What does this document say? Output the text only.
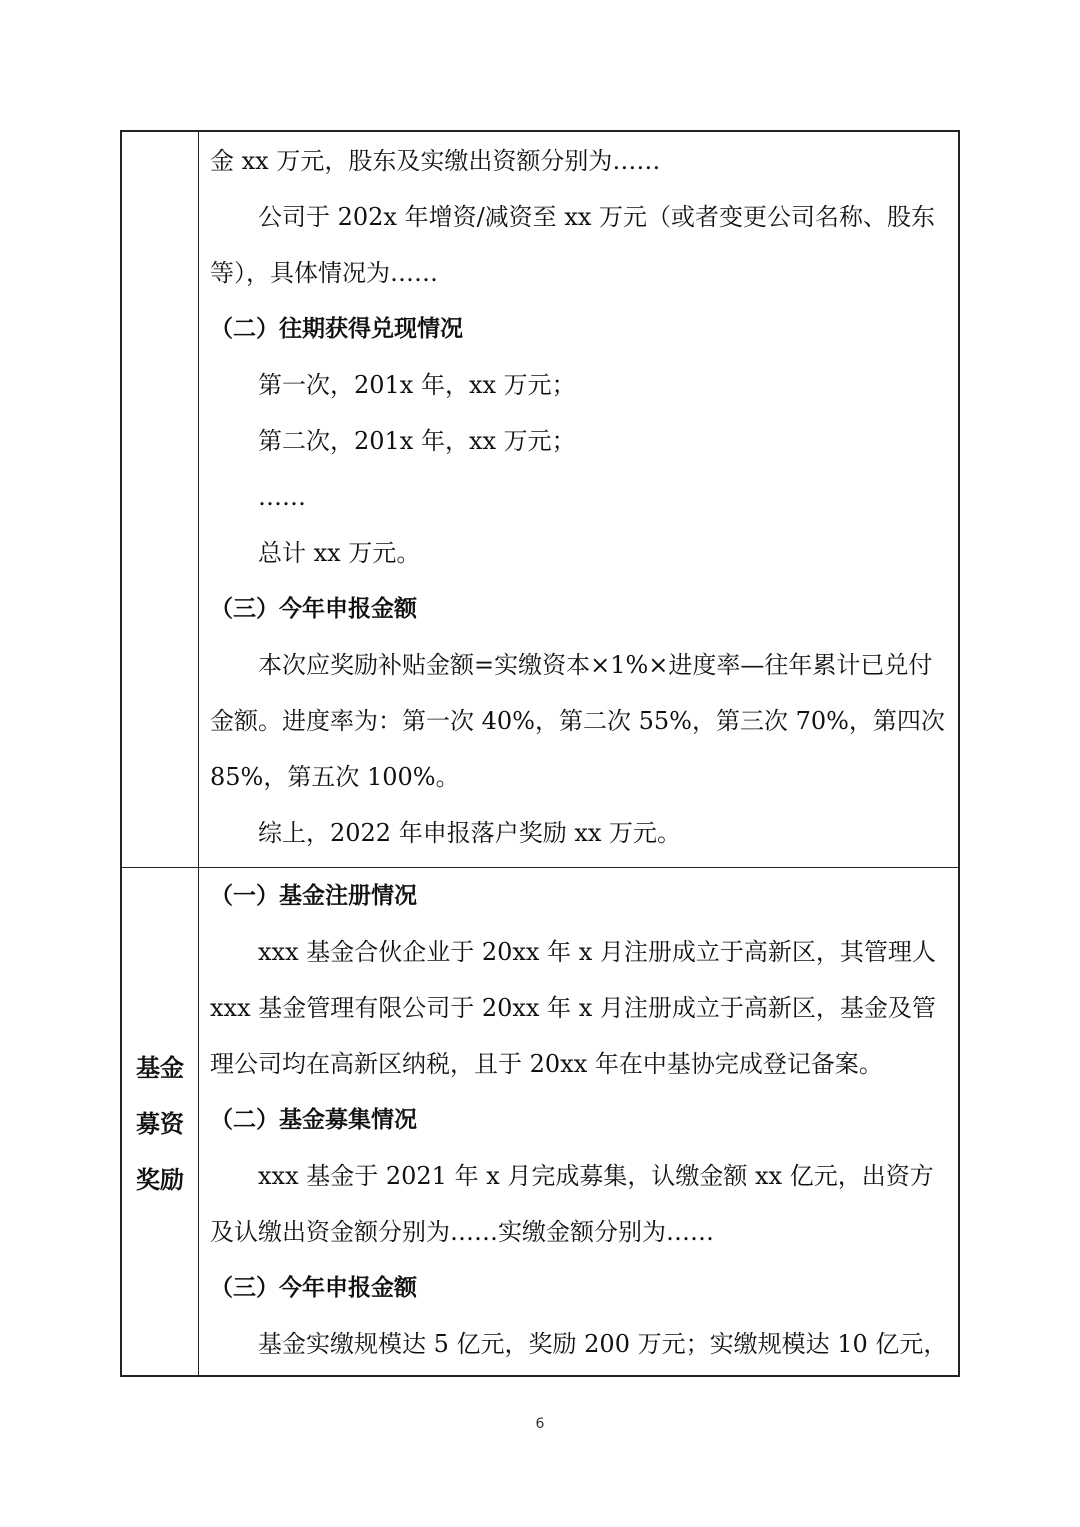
金 xx 万元，股东及实缴出资额分别为……

公司于 202x 年增资/减资至 xx 万元（或者变更公司名称、股东等），具体情况为……

（二）往期获得兑现情况

第一次，201x 年，xx 万元；

第二次，201x 年，xx 万元；

……

总计 xx 万元。

（三）今年申报金额

本次应奖励补贴金额=实缴资本×1%×进度率—往年累计已兑付金额。进度率为：第一次 40%，第二次 55%，第三次 70%，第四次 85%，第五次 100%。

综上，2022 年申报落户奖励 xx 万元。

基金
募资
奖励

（一）基金注册情况

xxx 基金合伙企业于 20xx 年 x 月注册成立于高新区，其管理人 xxx 基金管理有限公司于 20xx 年 x 月注册成立于高新区，基金及管理公司均在高新区纳税，且于 20xx 年在中基协完成登记备案。

（二）基金募集情况

xxx 基金于 2021 年 x 月完成募集，认缴金额 xx 亿元，出资方及认缴出资金额分别为……实缴金额分别为……

（三）今年申报金额

基金实缴规模达 5 亿元，奖励 200 万元；实缴规模达 10 亿元，

6
